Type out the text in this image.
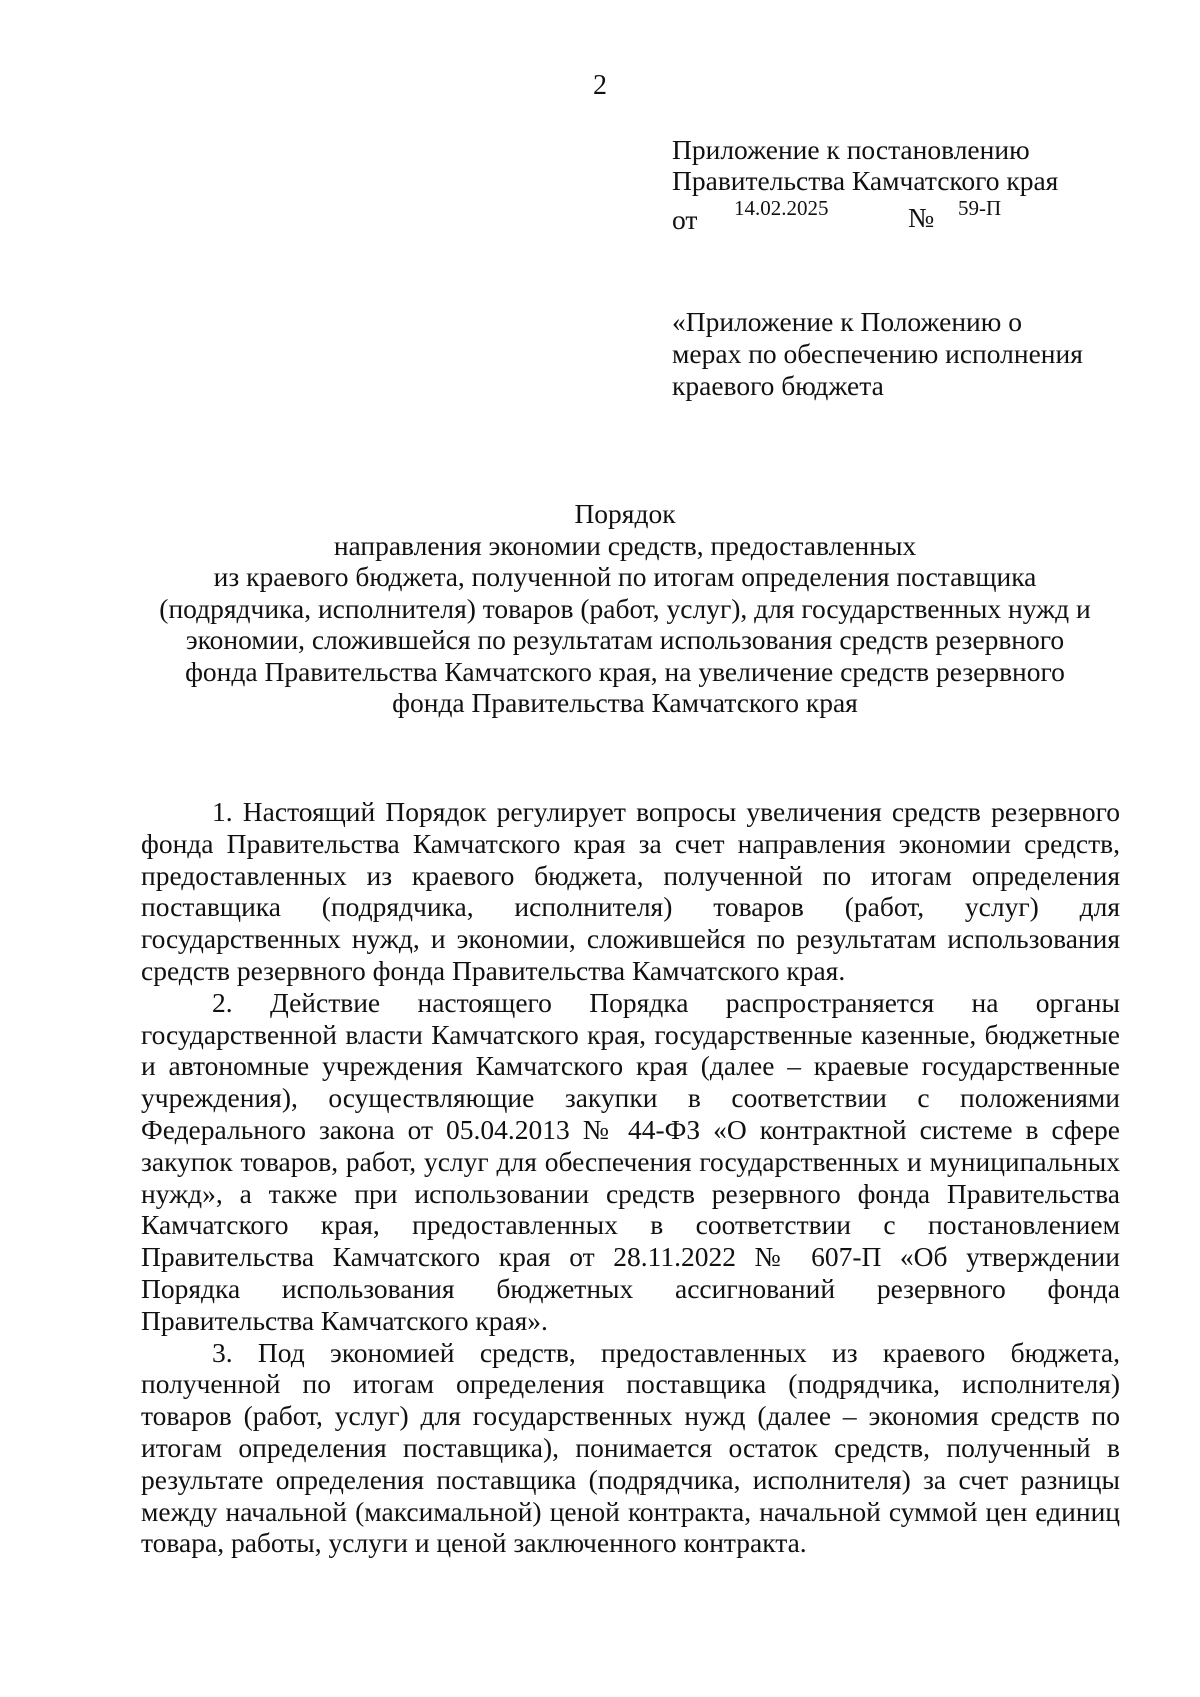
2
Приложение к постановлению
Правительства Камчатского края
от 14.02.2025	№ 59-П
«Приложение к Положению о
мерах по обеспечению исполнения
краевого бюджета
Порядок
направления экономии средств, предоставленных
из краевого бюджета, полученной по итогам определения поставщика
(подрядчика, исполнителя) товаров (работ, услуг), для государственных нужд и
экономии, сложившейся по результатам использования средств резервного
фонда Правительства Камчатского края, на увеличение средств резервного
фонда Правительства Камчатского края

1. Настоящий Порядок регулирует вопросы увеличения средств резервного фонда Правительства Камчатского края за счет направления экономии средств, предоставленных из краевого бюджета, полученной по итогам определения поставщика (подрядчика, исполнителя) товаров (работ, услуг) для государственных нужд, и экономии, сложившейся по результатам использования средств резервного фонда Правительства Камчатского края.

2. Действие настоящего Порядка распространяется на органы государственной власти Камчатского края, государственные казенные, бюджетные и автономные учреждения Камчатского края (далее – краевые государственные учреждения), осуществляющие закупки в соответствии с положениями Федерального закона от 05.04.2013 № 44-ФЗ «О контрактной системе в сфере закупок товаров, работ, услуг для обеспечения государственных и муниципальных нужд», а также при использовании средств резервного фонда Правительства Камчатского края, предоставленных в соответствии с постановлением Правительства Камчатского края от 28.11.2022 № 607-П «Об утверждении Порядка использования бюджетных ассигнований резервного фонда Правительства Камчатского края».

3. Под экономией средств, предоставленных из краевого бюджета, полученной по итогам определения поставщика (подрядчика, исполнителя) товаров (работ, услуг) для государственных нужд (далее – экономия средств по итогам определения поставщика), понимается остаток средств, полученный в результате определения поставщика (подрядчика, исполнителя) за счет разницы между начальной (максимальной) ценой контракта, начальной суммой цен единиц товара, работы, услуги и ценой заключенного контракта.
